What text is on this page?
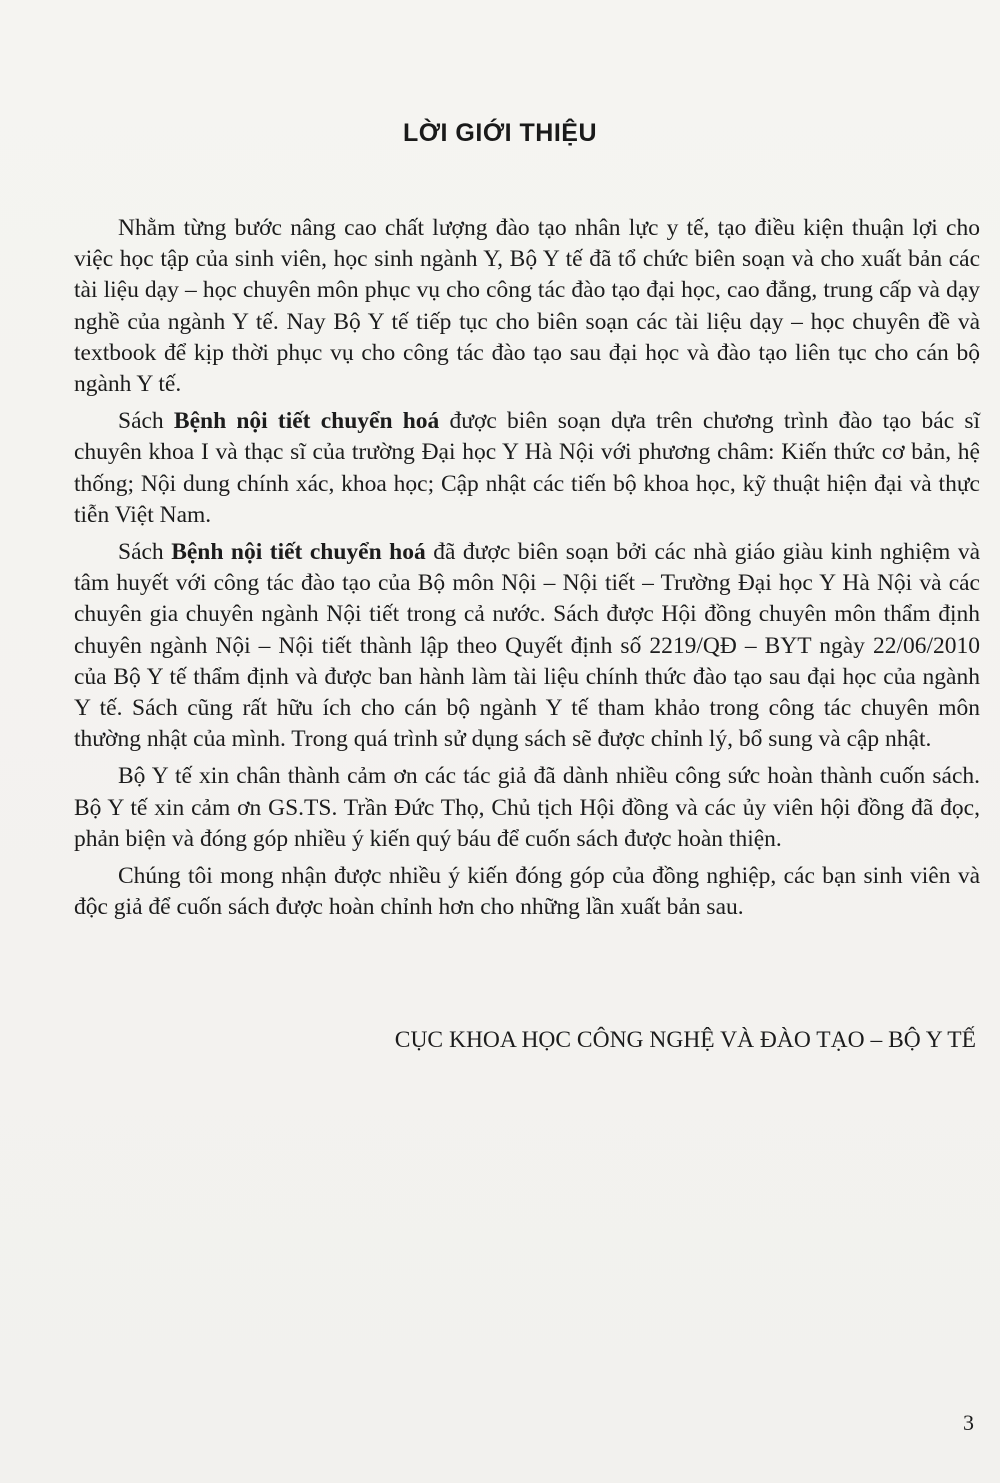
LỜI GIỚI THIỆU

Nhằm từng bước nâng cao chất lượng đào tạo nhân lực y tế, tạo điều kiện thuận lợi cho việc học tập của sinh viên, học sinh ngành Y, Bộ Y tế đã tổ chức biên soạn và cho xuất bản các tài liệu dạy – học chuyên môn phục vụ cho công tác đào tạo đại học, cao đẳng, trung cấp và dạy nghề của ngành Y tế. Nay Bộ Y tế tiếp tục cho biên soạn các tài liệu dạy – học chuyên đề và textbook để kịp thời phục vụ cho công tác đào tạo sau đại học và đào tạo liên tục cho cán bộ ngành Y tế.

Sách Bệnh nội tiết chuyển hoá được biên soạn dựa trên chương trình đào tạo bác sĩ chuyên khoa I và thạc sĩ của trường Đại học Y Hà Nội với phương châm: Kiến thức cơ bản, hệ thống; Nội dung chính xác, khoa học; Cập nhật các tiến bộ khoa học, kỹ thuật hiện đại và thực tiễn Việt Nam.

Sách Bệnh nội tiết chuyển hoá đã được biên soạn bởi các nhà giáo giàu kinh nghiệm và tâm huyết với công tác đào tạo của Bộ môn Nội – Nội tiết – Trường Đại học Y Hà Nội và các chuyên gia chuyên ngành Nội tiết trong cả nước. Sách được Hội đồng chuyên môn thẩm định chuyên ngành Nội – Nội tiết thành lập theo Quyết định số 2219/QĐ – BYT ngày 22/06/2010 của Bộ Y tế thẩm định và được ban hành làm tài liệu chính thức đào tạo sau đại học của ngành Y tế. Sách cũng rất hữu ích cho cán bộ ngành Y tế tham khảo trong công tác chuyên môn thường nhật của mình. Trong quá trình sử dụng sách sẽ được chỉnh lý, bổ sung và cập nhật.

Bộ Y tế xin chân thành cảm ơn các tác giả đã dành nhiều công sức hoàn thành cuốn sách. Bộ Y tế xin cảm ơn GS.TS. Trần Đức Thọ, Chủ tịch Hội đồng và các ủy viên hội đồng đã đọc, phản biện và đóng góp nhiều ý kiến quý báu để cuốn sách được hoàn thiện.

Chúng tôi mong nhận được nhiều ý kiến đóng góp của đồng nghiệp, các bạn sinh viên và độc giả để cuốn sách được hoàn chỉnh hơn cho những lần xuất bản sau.

CỤC KHOA HỌC CÔNG NGHỆ VÀ ĐÀO TẠO – BỘ Y TẾ
3
